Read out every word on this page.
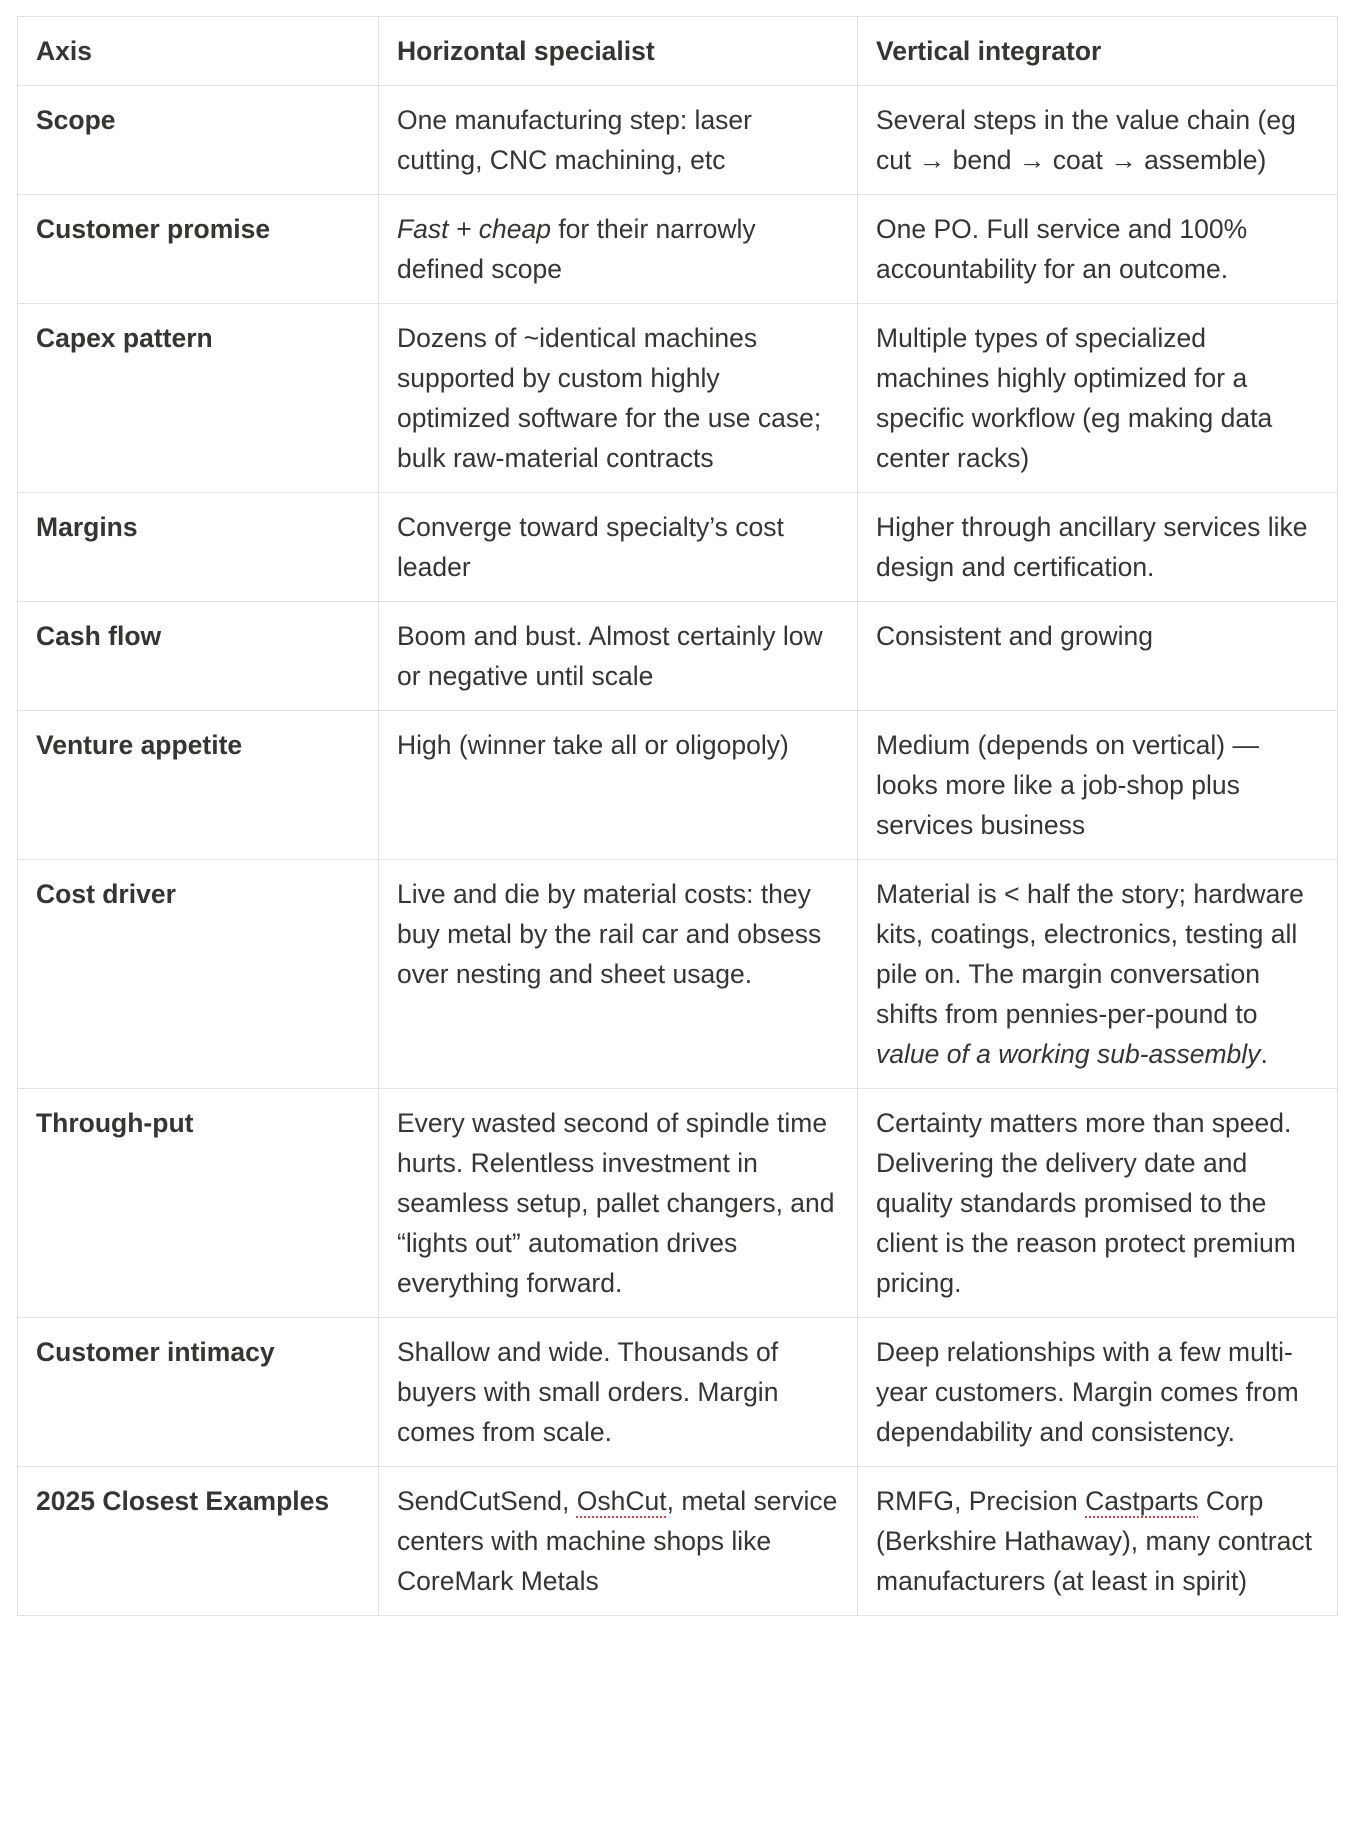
Axis	Horizontal specialist	Vertical integrator
Scope	One manufacturing step: laser cutting, CNC machining, etc	Several steps in the value chain (eg cut → bend → coat → assemble)
Customer promise	Fast + cheap for their narrowly defined scope	One PO. Full service and 100% accountability for an outcome.
Capex pattern	Dozens of ~identical machines supported by custom highly optimized software for the use case; bulk raw-material contracts	Multiple types of specialized machines highly optimized for a specific workflow (eg making data center racks)
Margins	Converge toward specialty’s cost leader	Higher through ancillary services like design and certification.
Cash flow	Boom and bust. Almost certainly low or negative until scale	Consistent and growing
Venture appetite	High (winner take all or oligopoly)	Medium (depends on vertical) — looks more like a job-shop plus services business
Cost driver	Live and die by material costs: they buy metal by the rail car and obsess over nesting and sheet usage.	Material is < half the story; hardware kits, coatings, electronics, testing all pile on. The margin conversation shifts from pennies-per-pound to value of a working sub-assembly.
Through-put	Every wasted second of spindle time hurts. Relentless investment in seamless setup, pallet changers, and “lights out” automation drives everything forward.	Certainty matters more than speed. Delivering the delivery date and quality standards promised to the client is the reason protect premium pricing.
Customer intimacy	Shallow and wide. Thousands of buyers with small orders. Margin comes from scale.	Deep relationships with a few multi-year customers. Margin comes from dependability and consistency.
2025 Closest Examples	SendCutSend, OshCut, metal service centers with machine shops like CoreMark Metals	RMFG, Precision Castparts Corp (Berkshire Hathaway), many contract manufacturers (at least in spirit)
